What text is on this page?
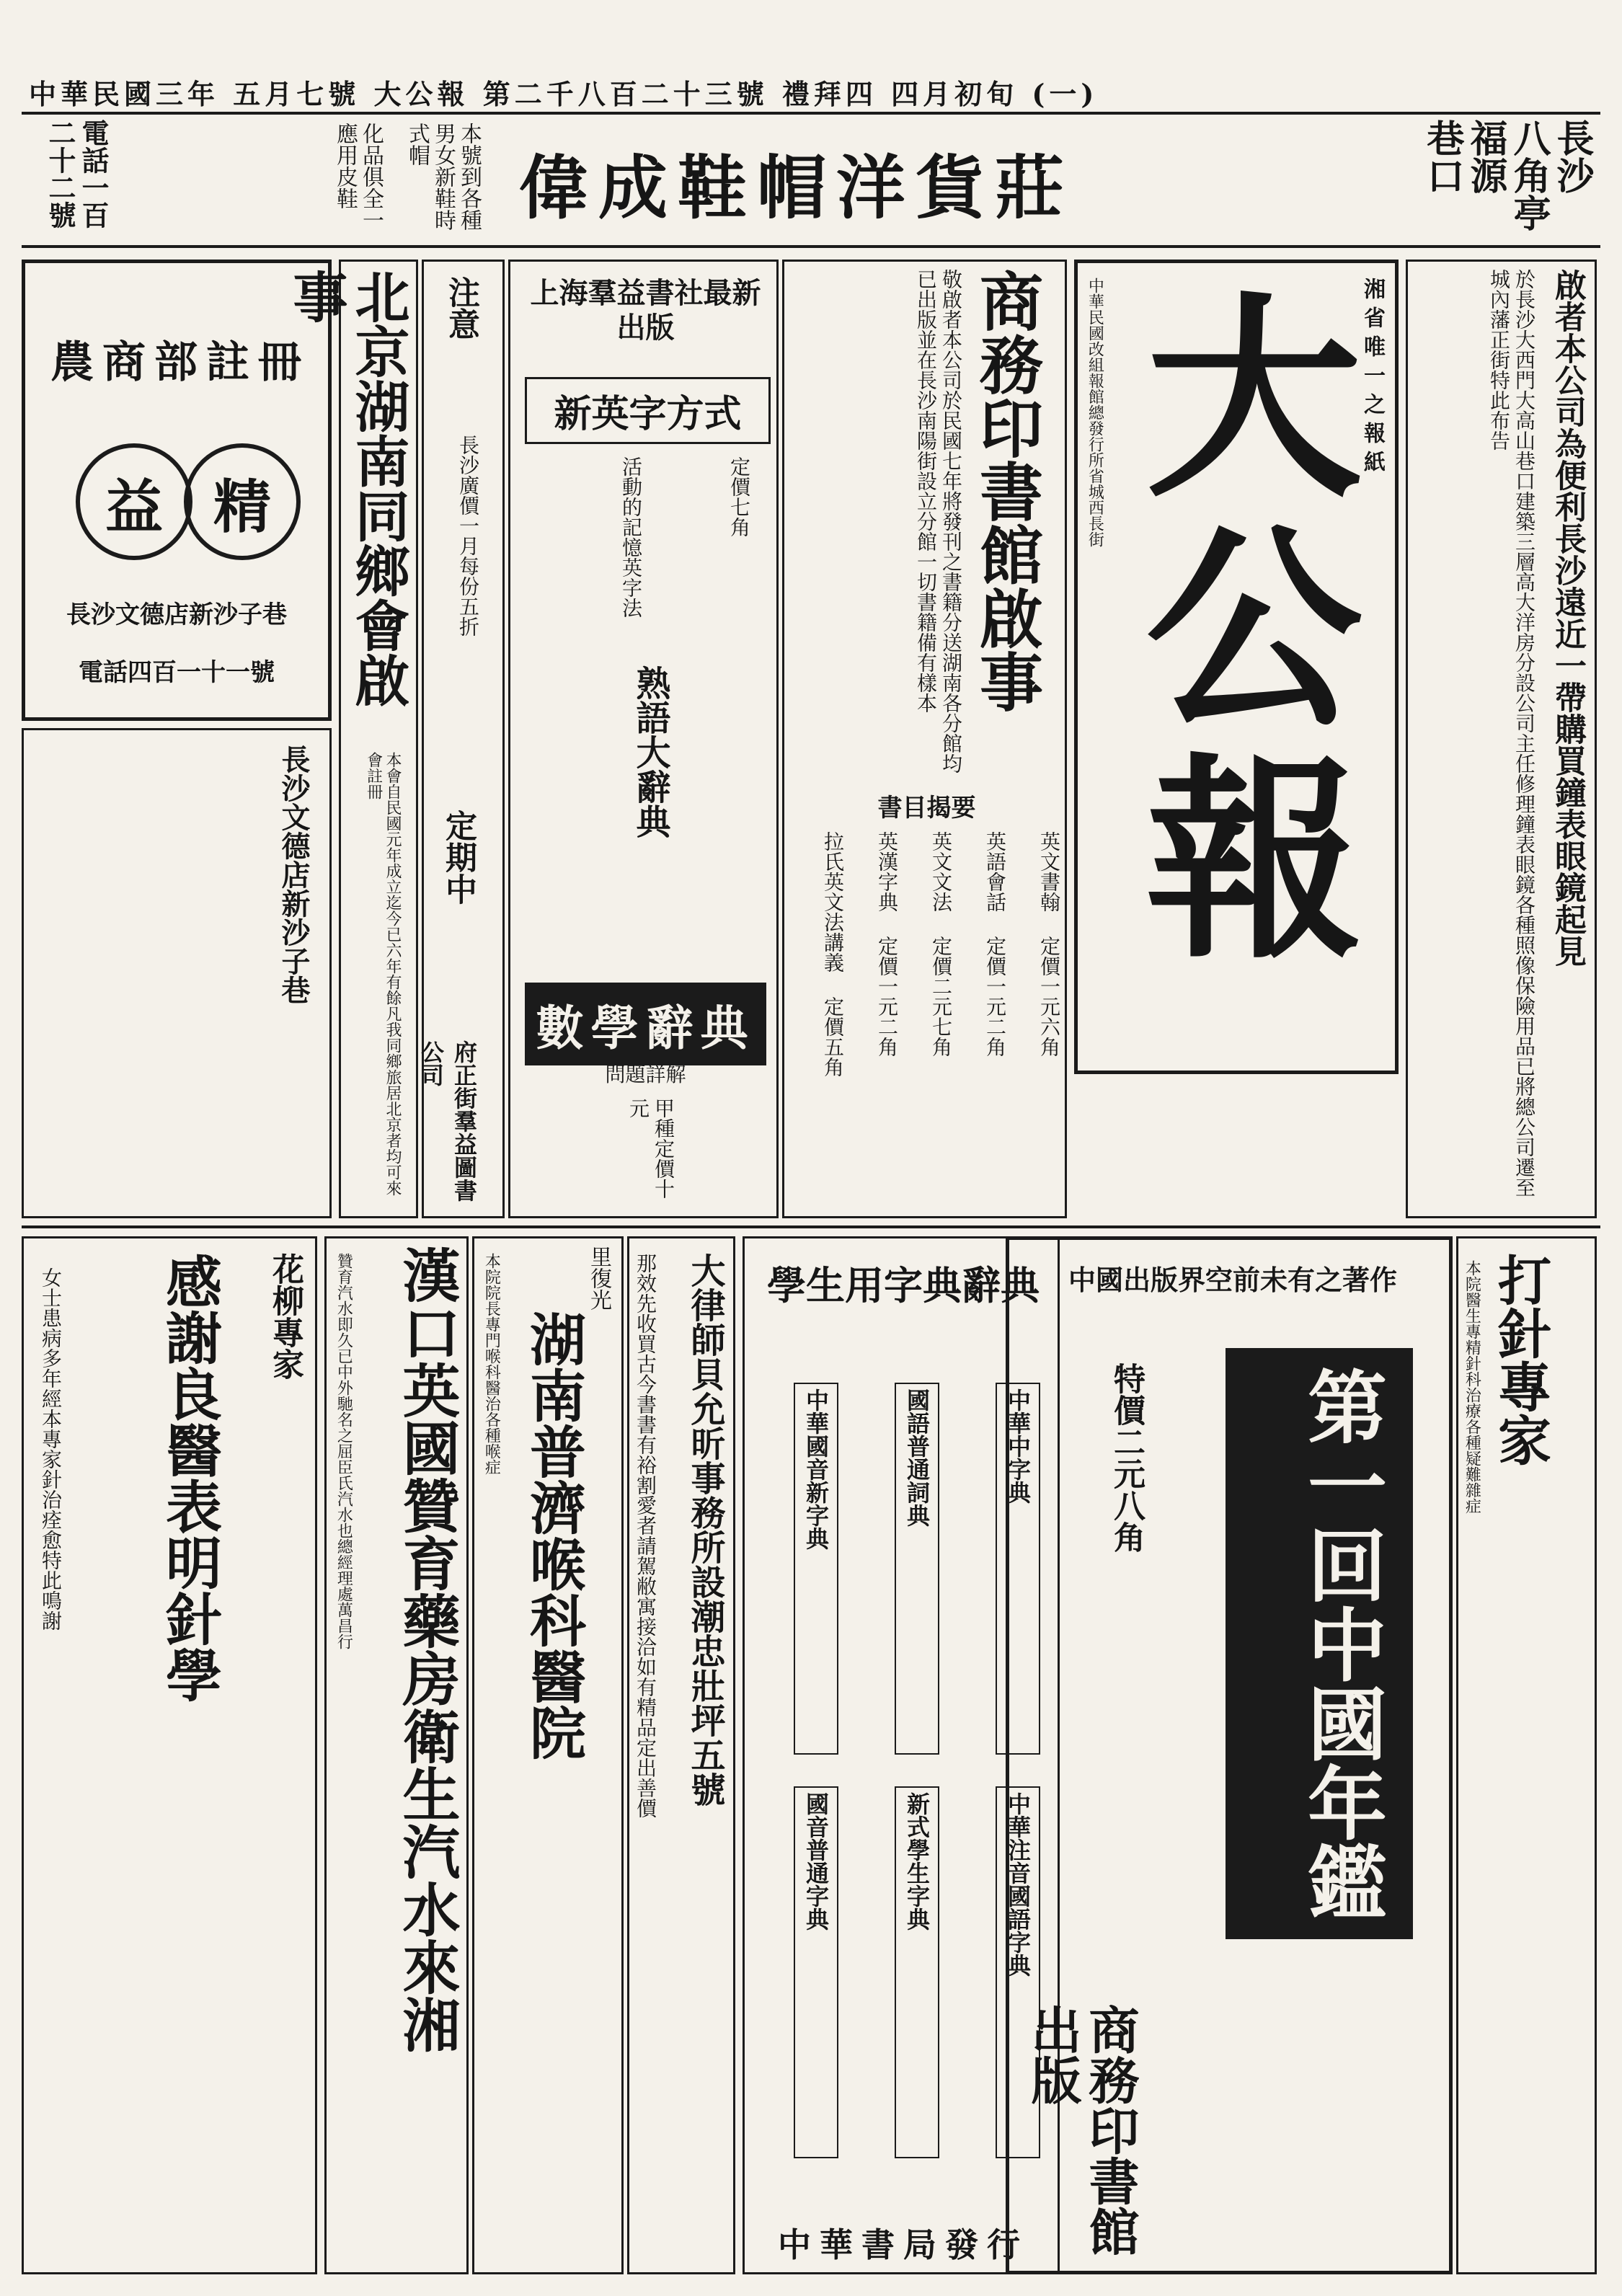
中華民國三年 五月七號 大公報 第二千八百二十三號 禮拜四 四月初旬 (一)
長沙 八角亭 福源 巷口
偉成鞋帽洋貨莊
本號到各種男女新鞋時式帽
化品俱全一應用皮鞋
電話一百二十二號
農商部註冊
精
益
長沙文德店新沙子巷
電話四百一十一號
長沙文德店新沙子巷
北京湖南同鄉會啟事
本會自民國元年成立迄今已六年有餘凡我同鄉旅居北京者均可來會註冊
注意
長沙廣價一月每份五折
定期中
府正街羣益圖書公司
上海羣益書社最新出版
新英字方式
活動的記憶英字法	定價七角
熟語大辭典
數學辭典
問題詳解
甲種定價十元
商務印書館啟事
敬啟者本公司於民國七年將發刊之書籍分送湖南各分館均已出版並在長沙南陽街設立分館一切書籍備有樣本
書目揭要
英文書翰 定價一元六角
英語會話 定價一元二角
英文文法 定價二元七角
英漢字典 定價一元二角
拉氏英文法講義 定價五角
湘省唯一之報紙
大公報
中華民國改組報館總發行所省城西長街	啟者本公司為便利長沙遠近一帶購買鐘表眼鏡起見
於長沙大西門大高山巷口建築三層高大洋房分設公司主任修理鐘表眼鏡各種照像保險用品已將總公司遷至城內藩正街特此布告
花柳專家
感謝良醫表明針學
女士患病多年經本專家針治痊愈特此鳴謝	漢口英國贊育藥房衛生汽水來湘
贊育汽水即久已中外馳名之屈臣氏汽水也總經理處萬昌行	里復光
湖南普濟喉科醫院
本院院長專門喉科醫治各種喉症	大律師貝允昕事務所設潮忠壯坪五號
那效先收買古今書書有裕割愛者請駕敝寓接洽如有精品定出善價	學生用字典辭典
中華中字典
國語普通詞典
中華國音新字典
中華注音國語字典
新式學生字典
國音普通字典
中華書局發行
中國出版界空前未有之著作
第一回中國年鑑
特價二元八角
商務印書館出版
打針專家
本院醫生專精針科治療各種疑難雜症
